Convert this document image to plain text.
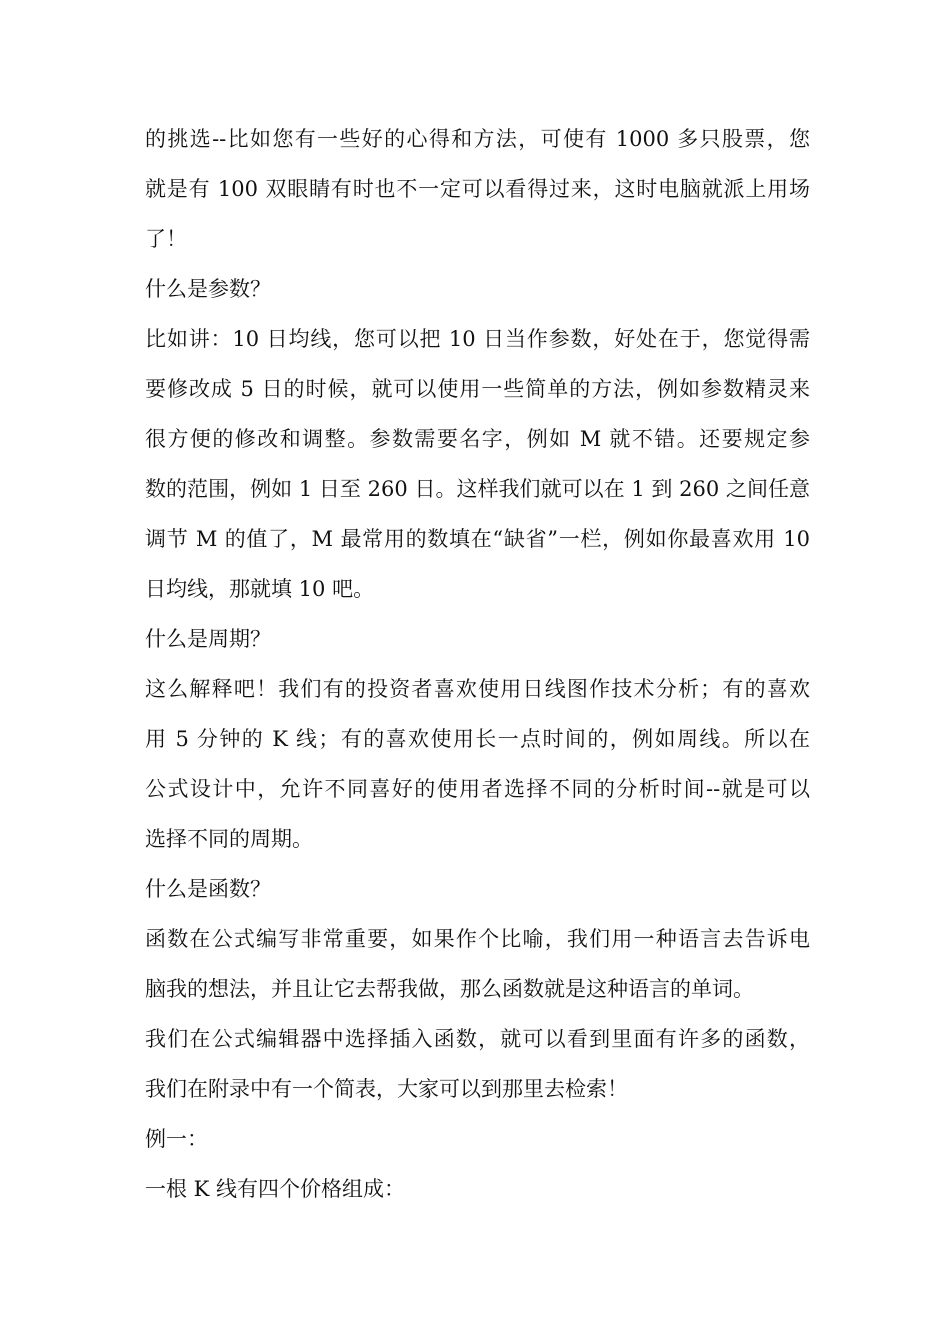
的挑选--比如您有一些好的心得和方法，可使有 1000 多只股票，您
就是有 100 双眼睛有时也不一定可以看得过来，这时电脑就派上用场
了！
什么是参数？
比如讲：10 日均线，您可以把 10 日当作参数，好处在于，您觉得需
要修改成 5 日的时候，就可以使用一些简单的方法，例如参数精灵来
很方便的修改和调整。参数需要名字，例如 M 就不错。还要规定参
数的范围，例如 1 日至 260 日。这样我们就可以在 1 到 260 之间任意
调节 M 的值了，M 最常用的数填在“缺省”一栏，例如你最喜欢用 10
日均线，那就填 10 吧。
什么是周期？
这么解释吧！我们有的投资者喜欢使用日线图作技术分析；有的喜欢
用 5 分钟的 K 线；有的喜欢使用长一点时间的，例如周线。所以在
公式设计中，允许不同喜好的使用者选择不同的分析时间--就是可以
选择不同的周期。
什么是函数？
函数在公式编写非常重要，如果作个比喻，我们用一种语言去告诉电
脑我的想法，并且让它去帮我做，那么函数就是这种语言的单词。
我们在公式编辑器中选择插入函数，就可以看到里面有许多的函数，
我们在附录中有一个简表，大家可以到那里去检索！
例一：
一根 K 线有四个价格组成：
